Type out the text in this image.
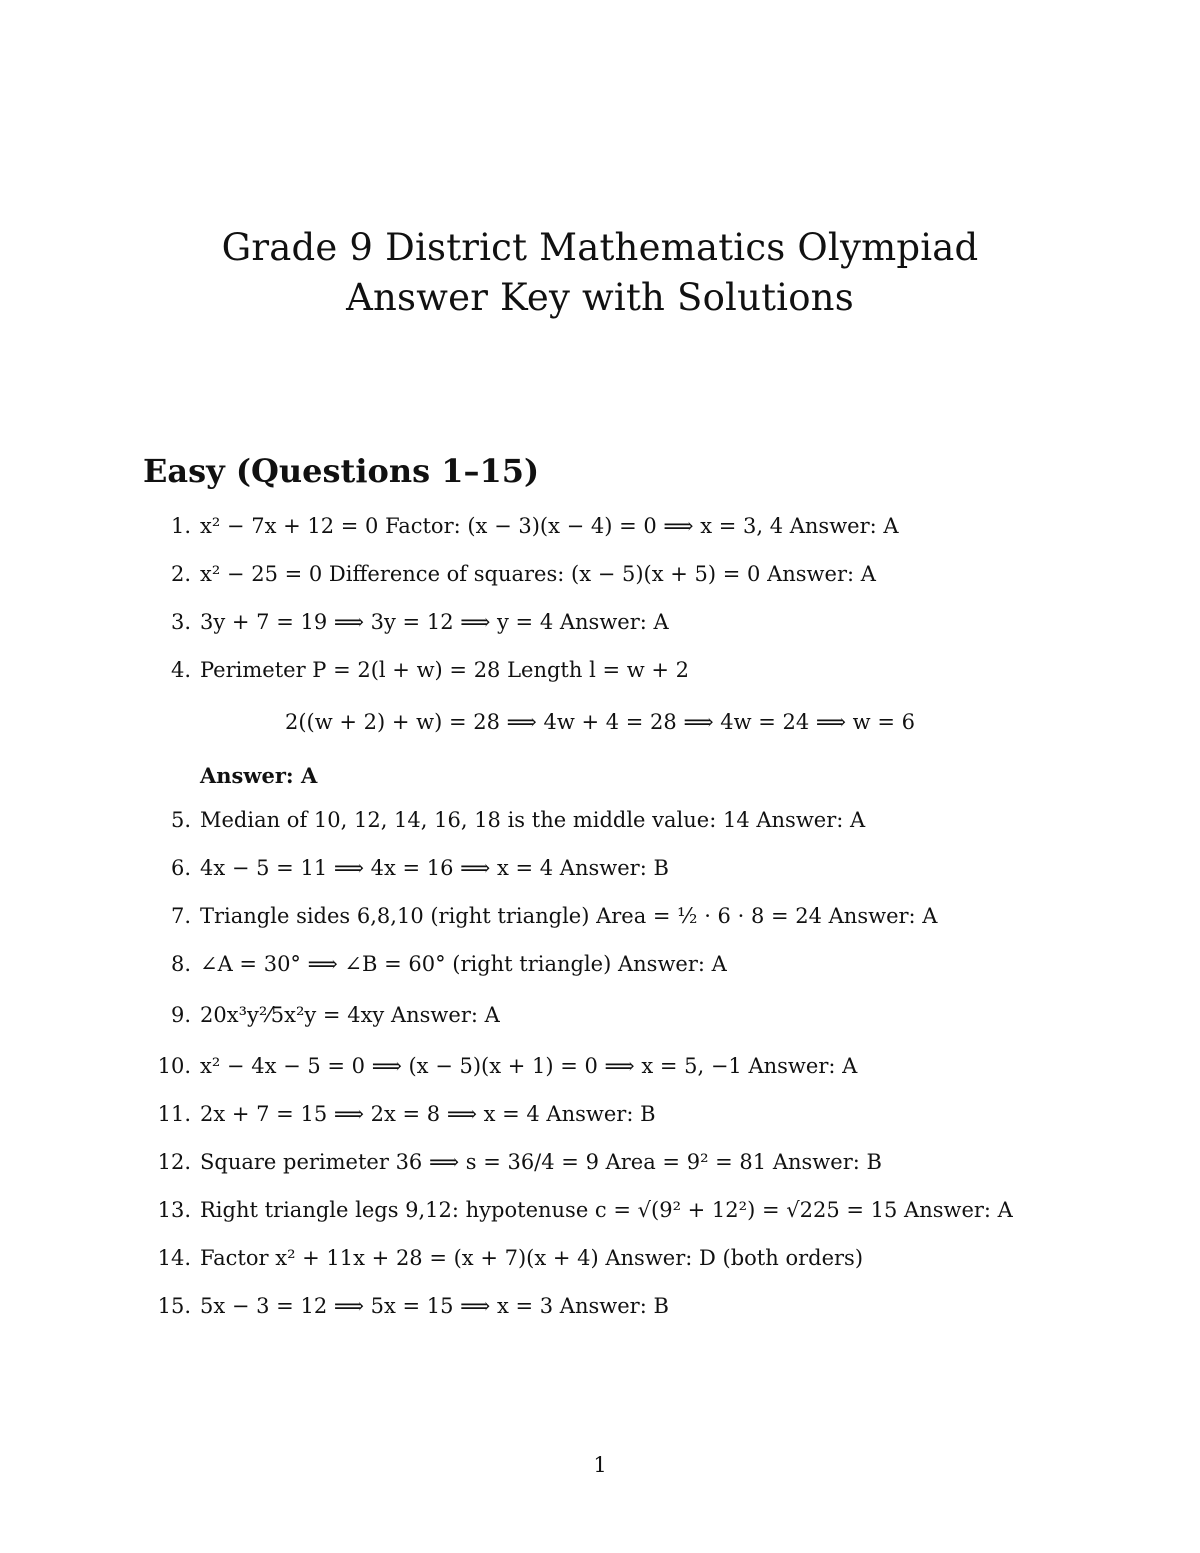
Grade 9 District Mathematics Olympiad
Answer Key with Solutions
Easy (Questions 1–15)
1. x² − 7x + 12 = 0 Factor: (x − 3)(x − 4) = 0 ⟹ x = 3, 4 Answer: A
2. x² − 25 = 0 Difference of squares: (x − 5)(x + 5) = 0 Answer: A
3. 3y + 7 = 19 ⟹ 3y = 12 ⟹ y = 4 Answer: A
4. Perimeter P = 2(l + w) = 28 Length l = w + 2
2((w + 2) + w) = 28 ⟹ 4w + 4 = 28 ⟹ 4w = 24 ⟹ w = 6
Answer: A
5. Median of 10, 12, 14, 16, 18 is the middle value: 14 Answer: A
6. 4x − 5 = 11 ⟹ 4x = 16 ⟹ x = 4 Answer: B
7. Triangle sides 6,8,10 (right triangle) Area = ½ · 6 · 8 = 24 Answer: A
8. ∠A = 30° ⟹ ∠B = 60° (right triangle) Answer: A
9. 20x³y²⁄5x²y = 4xy Answer: A
10. x² − 4x − 5 = 0 ⟹ (x − 5)(x + 1) = 0 ⟹ x = 5, −1 Answer: A
11. 2x + 7 = 15 ⟹ 2x = 8 ⟹ x = 4 Answer: B
12. Square perimeter 36 ⟹ s = 36/4 = 9 Area = 9² = 81 Answer: B
13. Right triangle legs 9,12: hypotenuse c = √(9² + 12²) = √225 = 15 Answer: A
14. Factor x² + 11x + 28 = (x + 7)(x + 4) Answer: D (both orders)
15. 5x − 3 = 12 ⟹ 5x = 15 ⟹ x = 3 Answer: B
1
